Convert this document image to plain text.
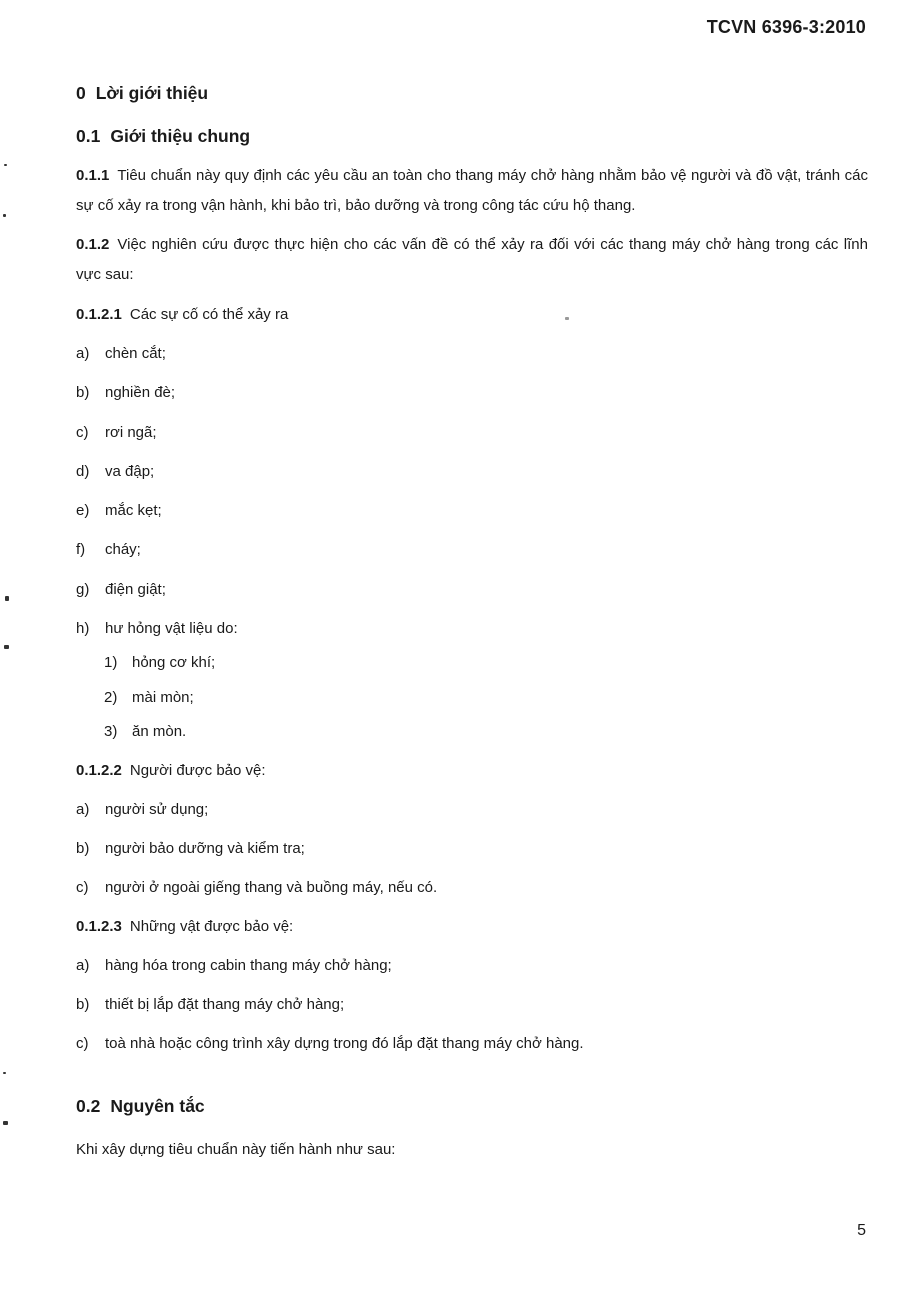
TCVN 6396-3:2010
0 Lời giới thiệu
0.1 Giới thiệu chung
0.1.1 Tiêu chuẩn này quy định các yêu cầu an toàn cho thang máy chở hàng nhằm bảo vệ người và đồ vật, tránh các sự cố xảy ra trong vận hành, khi bảo trì, bảo dưỡng và trong công tác cứu hộ thang.
0.1.2 Việc nghiên cứu được thực hiện cho các vấn đề có thể xảy ra đối với các thang máy chở hàng trong các lĩnh vực sau:
0.1.2.1 Các sự cố có thể xảy ra
a) chèn cắt;
b) nghiền đè;
c) rơi ngã;
d) va đập;
e) mắc kẹt;
f) cháy;
g) điện giật;
h) hư hỏng vật liệu do:
1) hỏng cơ khí;
2) mài mòn;
3) ăn mòn.
0.1.2.2 Người được bảo vệ:
a) người sử dụng;
b) người bảo dưỡng và kiểm tra;
c) người ở ngoài giếng thang và buồng máy, nếu có.
0.1.2.3 Những vật được bảo vệ:
a) hàng hóa trong cabin thang máy chở hàng;
b) thiết bị lắp đặt thang máy chở hàng;
c) toà nhà hoặc công trình xây dựng trong đó lắp đặt thang máy chở hàng.
0.2 Nguyên tắc
Khi xây dựng tiêu chuẩn này tiến hành như sau:
5
